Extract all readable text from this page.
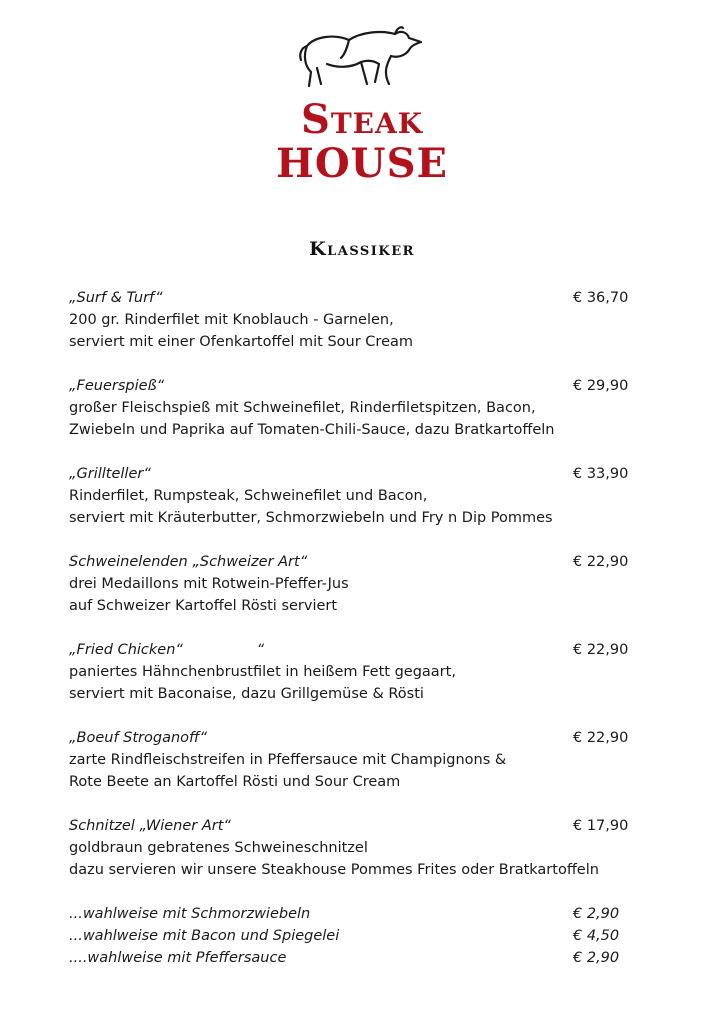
Steak
HOUSE
Klassiker
„Surf & Turf“	€ 36,70
200 gr. Rinderfilet mit Knoblauch - Garnelen,
serviert mit einer Ofenkartoffel mit Sour Cream
„Feuerspieß“	€ 29,90
großer Fleischspieß mit Schweinefilet, Rinderfiletspitzen, Bacon,
Zwiebeln und Paprika auf Tomaten-Chili-Sauce, dazu Bratkartoffeln
„Grillteller“	€ 33,90
Rinderfilet, Rumpsteak, Schweinefilet und Bacon,
serviert mit Kräuterbutter, Schmorzwiebeln und Fry n Dip Pommes
Schweinelenden „Schweizer Art“	€ 22,90
drei Medaillons mit Rotwein-Pfeffer-Jus
auf Schweizer Kartoffel Rösti serviert
„Fried Chicken“                “	€ 22,90
paniertes Hähnchenbrustfilet in heißem Fett gegaart,
serviert mit Baconaise, dazu Grillgemüse & Rösti
„Boeuf Stroganoff“	€ 22,90
zarte Rindfleischstreifen in Pfeffersauce mit Champignons &
Rote Beete an Kartoffel Rösti und Sour Cream
Schnitzel „Wiener Art“	€ 17,90
goldbraun gebratenes Schweineschnitzel
dazu servieren wir unsere Steakhouse Pommes Frites oder Bratkartoffeln
...wahlweise mit Schmorzwiebeln	€ 2,90
...wahlweise mit Bacon und Spiegelei	€ 4,50
....wahlweise mit Pfeffersauce	€ 2,90
